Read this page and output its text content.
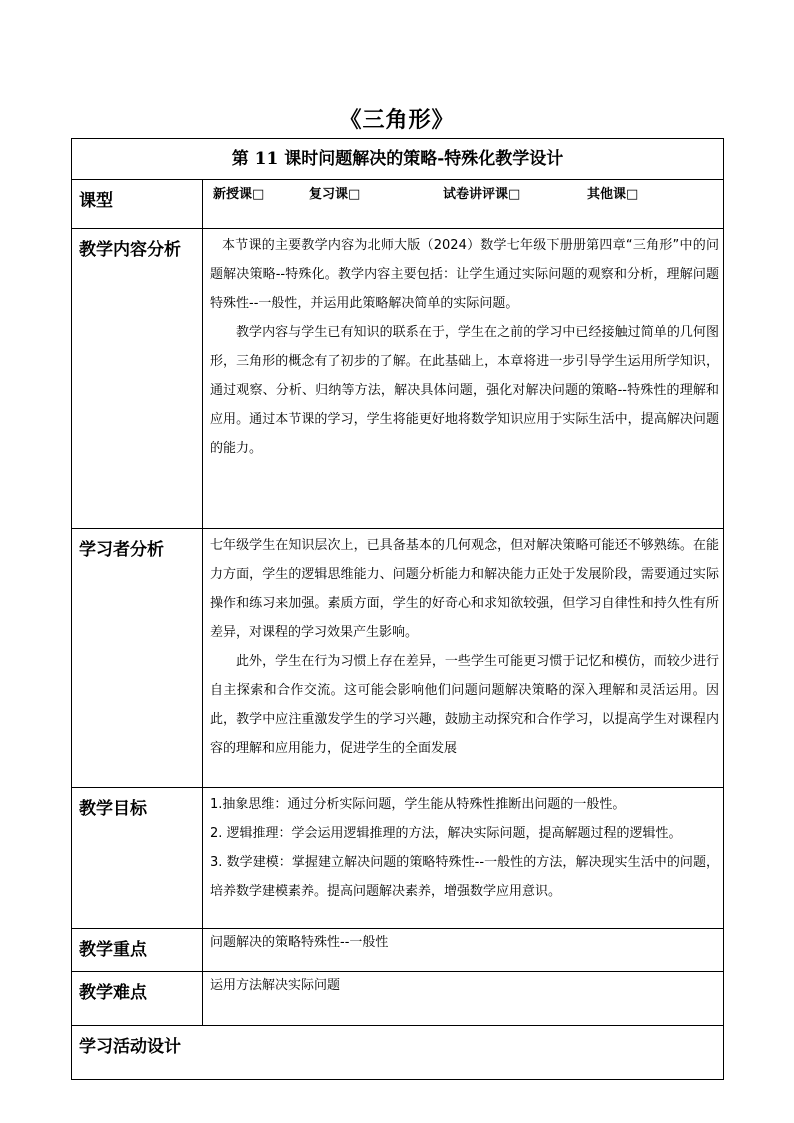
《三角形》
第 11 课时问题解决的策略-特殊化教学设计	
课型	新授课□ 复习课□ 试卷讲评课□ 其他课□
教学内容分析	本节课的主要教学内容为北师大版（2024）数学七年级下册册第四章“三角形”中的问题解决策略--特殊化。教学内容主要包括：让学生通过实际问题的观察和分析，理解问题特殊性--一般性，并运用此策略解决简单的实际问题。

教学内容与学生已有知识的联系在于，学生在之前的学习中已经接触过简单的几何图形，三角形的概念有了初步的了解。在此基础上，本章将进一步引导学生运用所学知识，通过观察、分析、归纳等方法，解决具体问题，强化对解决问题的策略--特殊性的理解和应用。通过本节课的学习，学生将能更好地将数学知识应用于实际生活中，提高解决问题的能力。

学习者分析	七年级学生在知识层次上，已具备基本的几何观念，但对解决策略可能还不够熟练。在能力方面，学生的逻辑思维能力、问题分析能力和解决能力正处于发展阶段，需要通过实际操作和练习来加强。素质方面，学生的好奇心和求知欲较强，但学习自律性和持久性有所差异，对课程的学习效果产生影响。

此外，学生在行为习惯上存在差异，一些学生可能更习惯于记忆和模仿，而较少进行自主探索和合作交流。这可能会影响他们问题问题解决策略的深入理解和灵活运用。因此，教学中应注重激发学生的学习兴趣，鼓励主动探究和合作学习，以提高学生对课程内容的理解和应用能力，促进学生的全面发展

教学目标	1.抽象思维：通过分析实际问题，学生能从特殊性推断出问题的一般性。

2. 逻辑推理：学会运用逻辑推理的方法，解决实际问题，提高解题过程的逻辑性。

3. 数学建模：掌握建立解决问题的策略特殊性--一般性的方法，解决现实生活中的问题，培养数学建模素养。提高问题解决素养，增强数学应用意识。

教学重点	问题解决的策略特殊性--一般性
教学难点	运用方法解决实际问题
学习活动设计	
